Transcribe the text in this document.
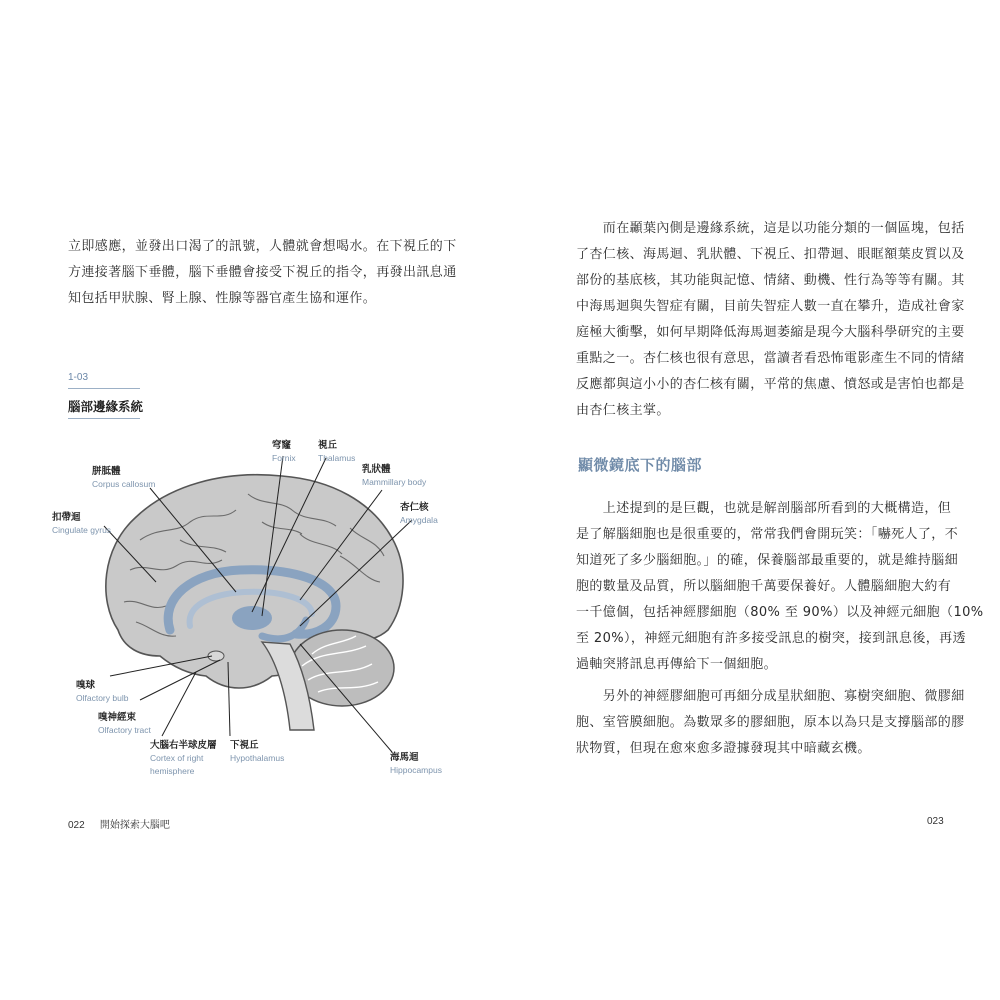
立即感應，並發出口渴了的訊號，人體就會想喝水。在下視丘的下
方連接著腦下垂體，腦下垂體會接受下視丘的指令，再發出訊息通
知包括甲狀腺、腎上腺、性腺等器官產生協和運作。
1-03
腦部邊緣系統
穹窿
Fornix
視丘
Thalamus
胼胝體
Corpus callosum
乳狀體
Mammillary body
杏仁核
Amygdala
扣帶迴
Cingulate gyrus
嗅球
Olfactory bulb
嗅神經束
Olfactory tract
大腦右半球皮層
Cortex of right
hemisphere
下視丘
Hypothalamus	海馬迴
Hippocampus
022 開始探索大腦吧
　　而在顳葉內側是邊緣系統，這是以功能分類的一個區塊，包括
了杏仁核、海馬迴、乳狀體、下視丘、扣帶迴、眼眶額葉皮質以及
部份的基底核，其功能與記憶、情緒、動機、性行為等等有關。其
中海馬迴與失智症有關，目前失智症人數一直在攀升，造成社會家
庭極大衝擊，如何早期降低海馬迴萎縮是現今大腦科學研究的主要
重點之一。杏仁核也很有意思，當讀者看恐怖電影產生不同的情緒
反應都與這小小的杏仁核有關，平常的焦慮、憤怒或是害怕也都是
由杏仁核主掌。
顯微鏡底下的腦部
　　上述提到的是巨觀，也就是解剖腦部所看到的大概構造，但
是了解腦細胞也是很重要的，常常我們會開玩笑：「嚇死人了，不
知道死了多少腦細胞。」的確，保養腦部最重要的，就是維持腦細
胞的數量及品質，所以腦細胞千萬要保養好。人體腦細胞大約有
一千億個，包括神經膠細胞（80% 至 90%）以及神經元細胞（10%
至 20%），神經元細胞有許多接受訊息的樹突，接到訊息後，再透
過軸突將訊息再傳給下一個細胞。
　　另外的神經膠細胞可再細分成星狀細胞、寡樹突細胞、微膠細
胞、室管膜細胞。為數眾多的膠細胞，原本以為只是支撐腦部的膠
狀物質，但現在愈來愈多證據發現其中暗藏玄機。
023
